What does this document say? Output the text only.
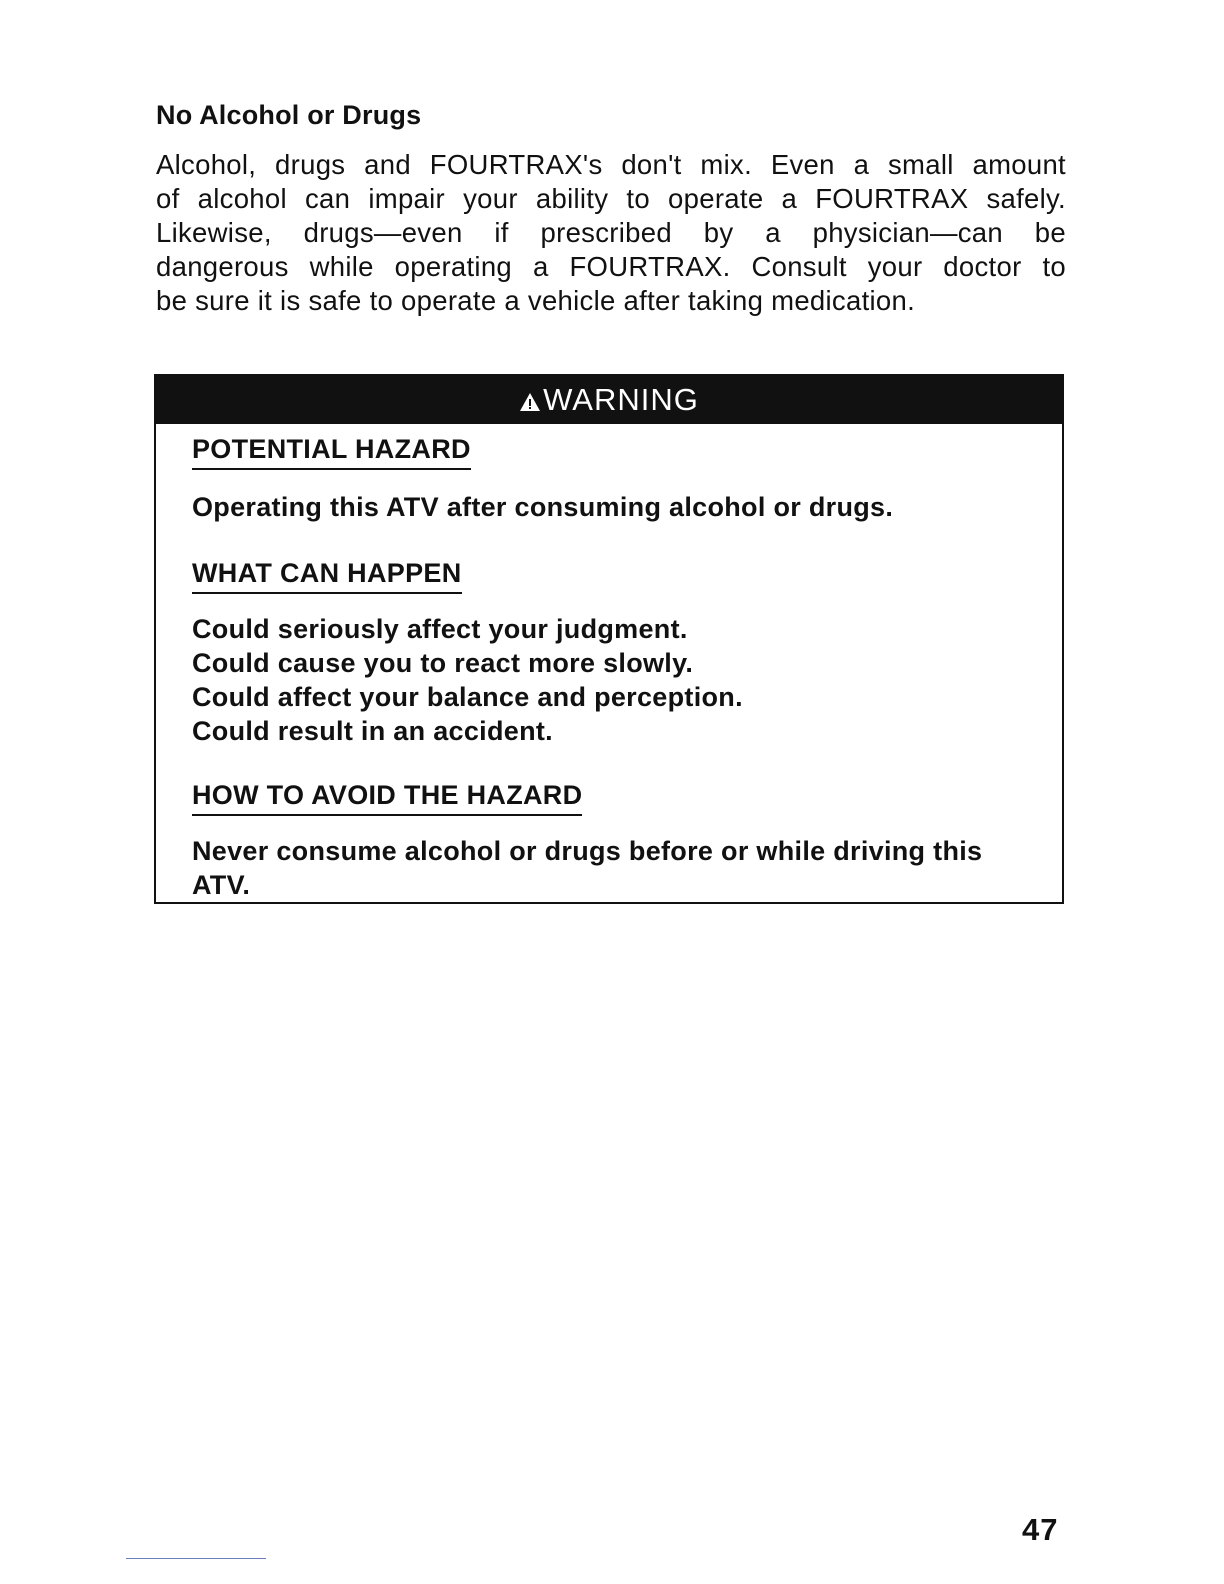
No Alcohol or Drugs
Alcohol, drugs and FOURTRAX's don't mix. Even a small amount
of alcohol can impair your ability to operate a FOURTRAX safely.
Likewise, drugs—even if prescribed by a physician—can be
dangerous while operating a FOURTRAX. Consult your doctor to
be sure it is safe to operate a vehicle after taking medication.
WARNING
POTENTIAL HAZARD
Operating this ATV after consuming alcohol or drugs.
WHAT CAN HAPPEN
Could seriously affect your judgment.
Could cause you to react more slowly.
Could affect your balance and perception.
Could result in an accident.
HOW TO AVOID THE HAZARD
Never consume alcohol or drugs before or while driving this
ATV.
47
